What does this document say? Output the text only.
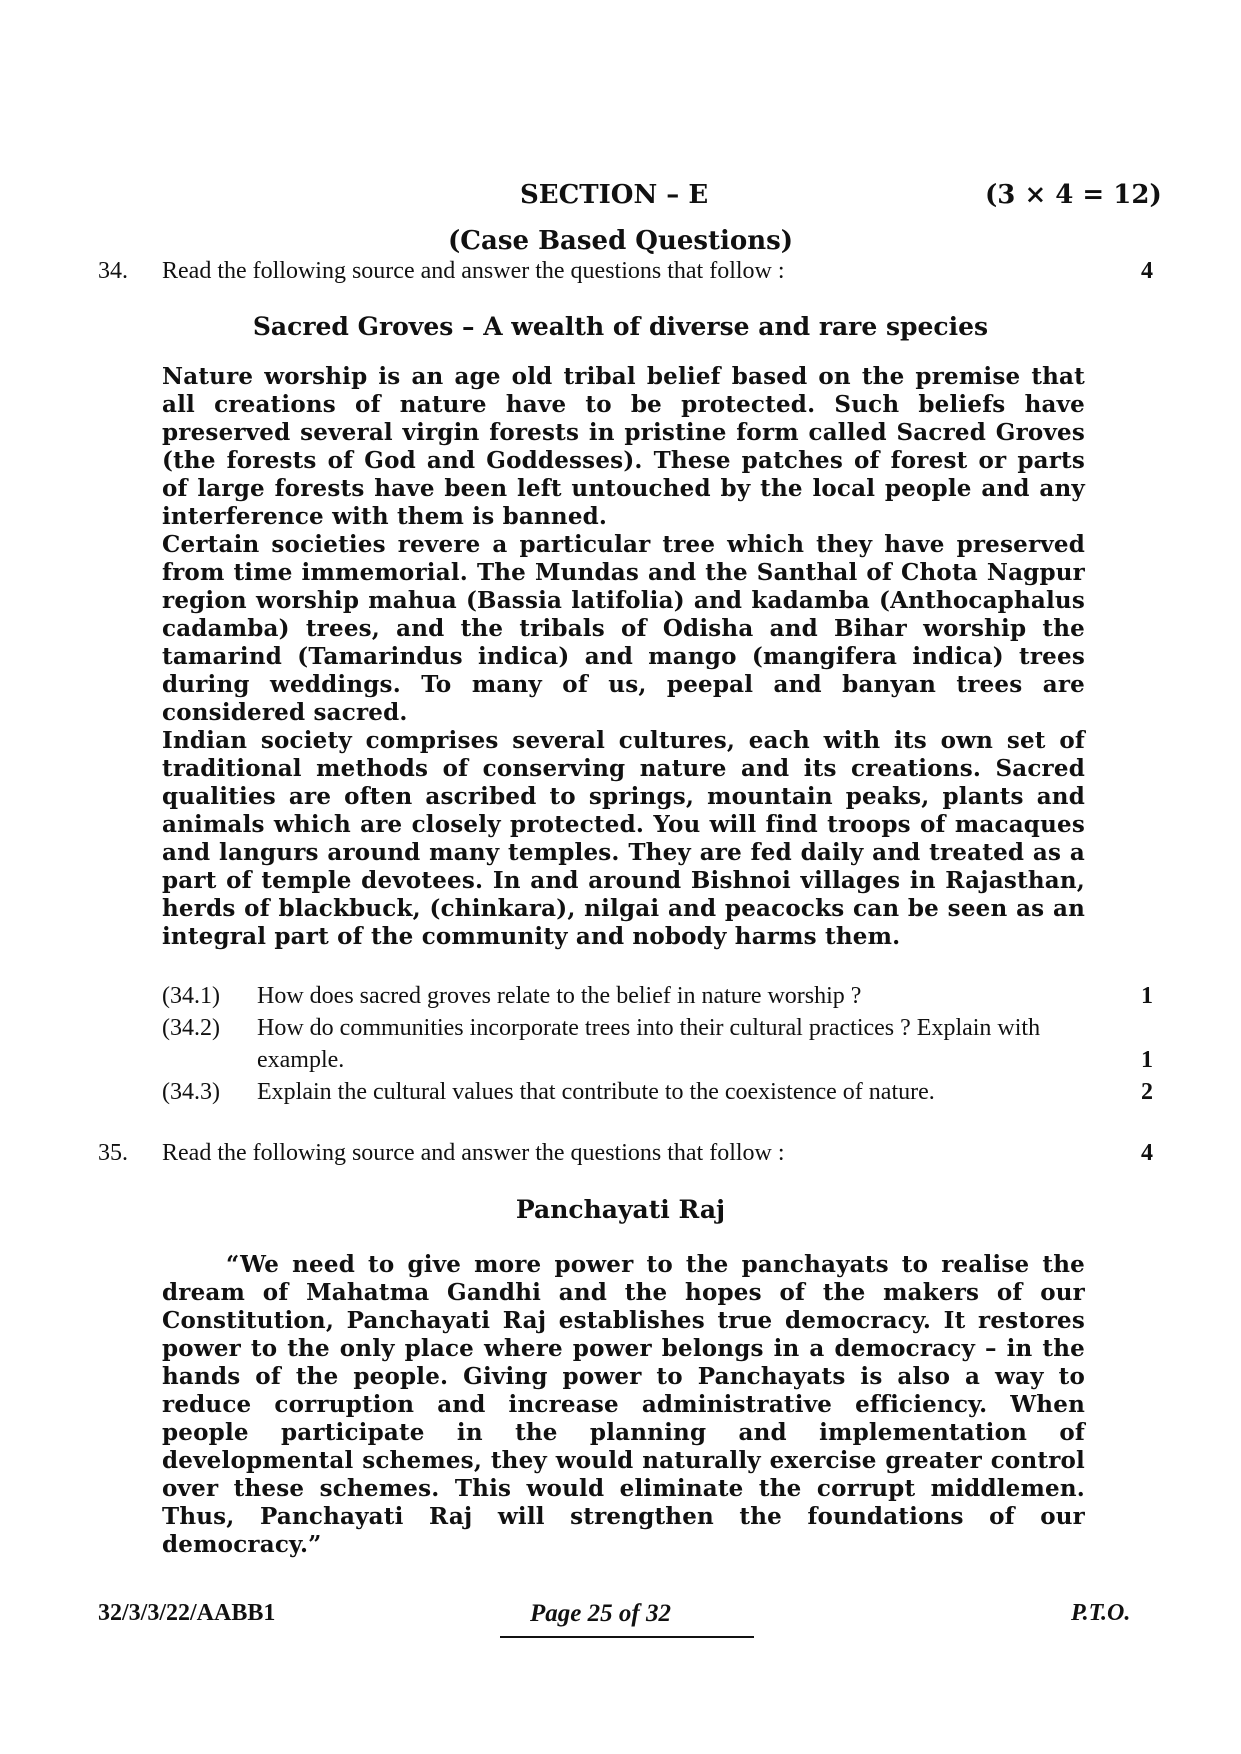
SECTION – E	(3 × 4 = 12)
(Case Based Questions)
34. Read the following source and answer the questions that follow :	4
Sacred Groves – A wealth of diverse and rare species

Nature worship is an age old tribal belief based on the premise that all creations of nature have to be protected. Such beliefs have preserved several virgin forests in pristine form called Sacred Groves (the forests of God and Goddesses). These patches of forest or parts of large forests have been left untouched by the local people and any interference with them is banned.

Certain societies revere a particular tree which they have preserved from time immemorial. The Mundas and the Santhal of Chota Nagpur region worship mahua (Bassia latifolia) and kadamba (Anthocaphalus cadamba) trees, and the tribals of Odisha and Bihar worship the tamarind (Tamarindus indica) and mango (mangifera indica) trees during weddings. To many of us, peepal and banyan trees are considered sacred.

Indian society comprises several cultures, each with its own set of traditional methods of conserving nature and its creations. Sacred qualities are often ascribed to springs, mountain peaks, plants and animals which are closely protected. You will find troops of macaques and langurs around many temples. They are fed daily and treated as a part of temple devotees. In and around Bishnoi villages in Rajasthan, herds of blackbuck, (chinkara), nilgai and peacocks can be seen as an integral part of the community and nobody harms them.

(34.1) How does sacred groves relate to the belief in nature worship ?	1
(34.2) How do communities incorporate trees into their cultural practices ? Explain with example.	1
(34.3) Explain the cultural values that contribute to the coexistence of nature.	2
35. Read the following source and answer the questions that follow :	4
Panchayati Raj

“We need to give more power to the panchayats to realise the dream of Mahatma Gandhi and the hopes of the makers of our Constitution, Panchayati Raj establishes true democracy. It restores power to the only place where power belongs in a democracy – in the hands of the people. Giving power to Panchayats is also a way to reduce corruption and increase administrative efficiency. When people participate in the planning and implementation of developmental schemes, they would naturally exercise greater control over these schemes. This would eliminate the corrupt middlemen. Thus, Panchayati Raj will strengthen the foundations of our democracy.”

32/3/3/22/AABB1	Page 25 of 32	P.T.O.
